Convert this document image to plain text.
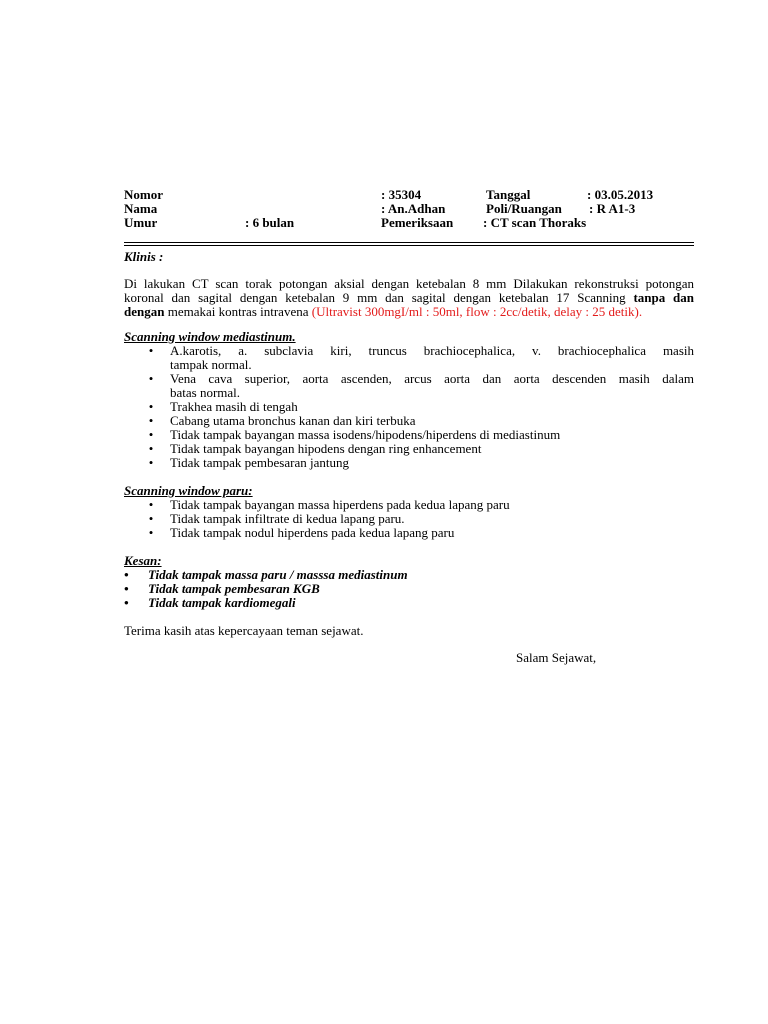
Nomor	: 35304	Tanggal	: 03.05.2013
Nama	: An.Adhan	Poli/Ruangan : R A1-3
Umur	: 6 bulan	Pemeriksaan : CT scan Thoraks
Klinis :
Di lakukan CT scan torak potongan aksial dengan ketebalan 8 mm Dilakukan rekonstruksi potongan
koronal dan sagital dengan ketebalan 9 mm dan sagital dengan ketebalan 17 Scanning tanpa dan
dengan memakai kontras intravena (Ultravist 300mgI/ml : 50ml, flow : 2cc/detik, delay : 25 detik).
Scanning window mediastinum.
• A.karotis, a. subclavia kiri, truncus brachiocephalica, v. brachiocephalica masih
tampak normal.
• Vena cava superior, aorta ascenden, arcus aorta dan aorta descenden masih dalam
batas normal.
• Trakhea masih di tengah
• Cabang utama bronchus kanan dan kiri terbuka
• Tidak tampak bayangan massa isodens/hipodens/hiperdens di mediastinum
• Tidak tampak bayangan hipodens dengan ring enhancement
• Tidak tampak pembesaran jantung
Scanning window paru:
• Tidak tampak bayangan massa hiperdens pada kedua lapang paru
• Tidak tampak infiltrate di kedua lapang paru.
• Tidak tampak nodul hiperdens pada kedua lapang paru
Kesan:
•	Tidak tampak massa paru / masssa mediastinum
•	Tidak tampak pembesaran KGB
•	Tidak tampak kardiomegali
Terima kasih atas kepercayaan teman sejawat.
Salam Sejawat,
